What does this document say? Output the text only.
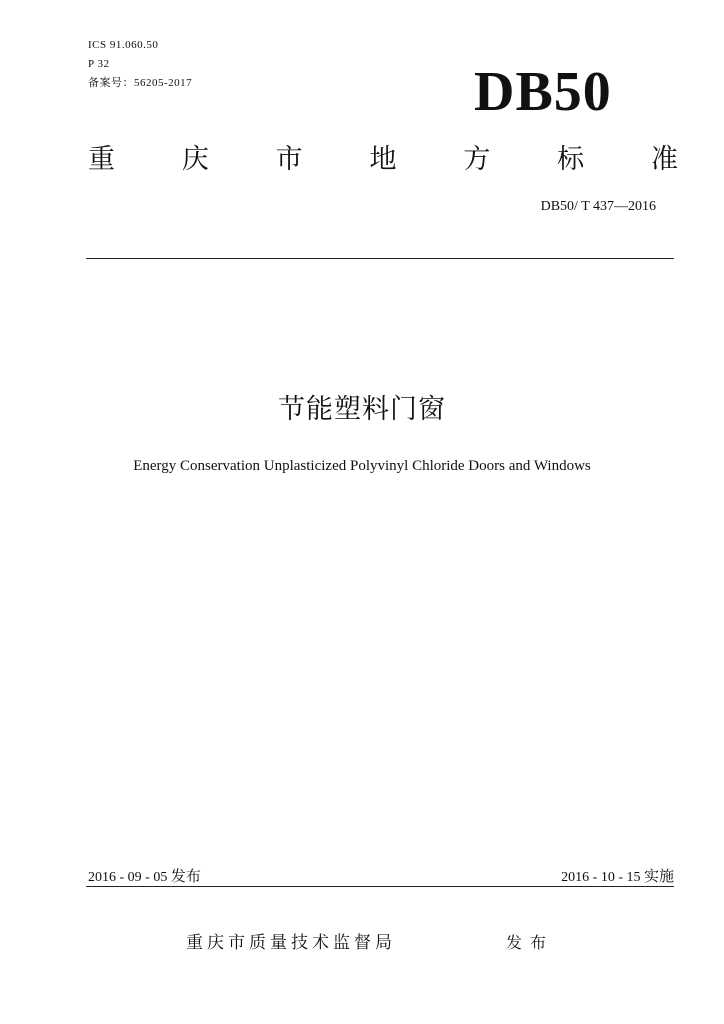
ICS 91.060.50
P 32
备案号：56205-2017	DB50
重 庆 市 地 方 标 准
DB50/ T 437—2016
节能塑料门窗
Energy Conservation Unplasticized Polyvinyl Chloride Doors and Windows
2016 - 09 - 05 发布	2016 - 10 - 15 实施
重庆市质量技术监督局	发布
